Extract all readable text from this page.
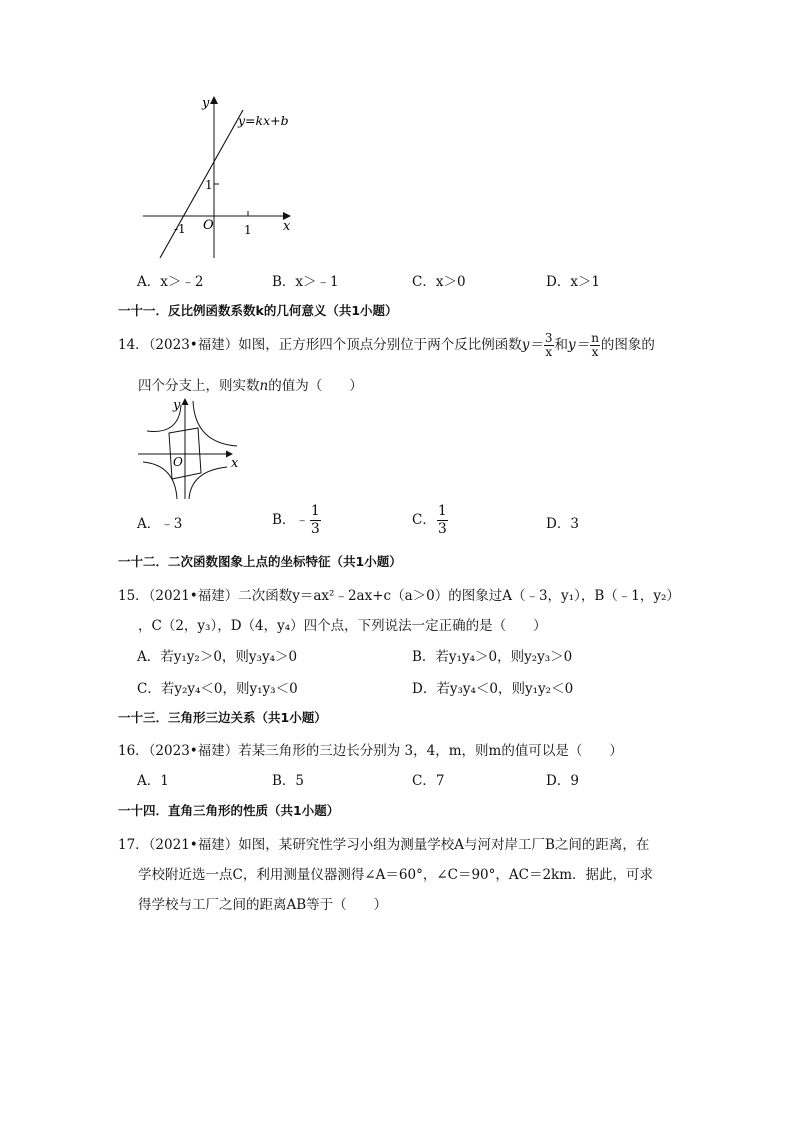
y
x
y=kx+b
O
-1	1
1
A．x＞﹣2	B．x＞﹣1	C．x＞0	D．x＞1
一十一．反比例函数系数k的几何意义（共1小题）
14．（2023•福建）如图，正方形四个顶点分别位于两个反比例函数$y= \frac{3}{x}$ 和$y= \frac{n}{x}$ 的图象的
四个分支上，则实数n的值为（　　）
y
x
O
A．﹣3	B．﹣ $\frac{1}{3}$	C． $\frac{1}{3}$	D．3
一十二．二次函数图象上点的坐标特征（共1小题）
15．（2021•福建）二次函数y＝ax²﹣2ax+c（a＞0）的图象过A（﹣3，y₁），B（﹣1，y₂）
，C（2，y₃），D（4，y₄）四个点，下列说法一定正确的是（　　）
A．若y₁y₂＞0，则y₃y₄＞0	B．若y₁y₄＞0，则y₂y₃＞0
C．若y₂y₄＜0，则y₁y₃＜0	D．若y₃y₄＜0，则y₁y₂＜0
一十三．三角形三边关系（共1小题）
16．（2023•福建）若某三角形的三边长分别为 3，4，m，则m的值可以是（　　）
A．1	B．5	C．7	D．9
一十四．直角三角形的性质（共1小题）
17．（2021•福建）如图，某研究性学习小组为测量学校A与河对岸工厂B之间的距离，在
学校附近选一点C，利用测量仪器测得∠A＝60°，∠C＝90°，AC＝2km．据此，可求
得学校与工厂之间的距离AB等于（　　）
